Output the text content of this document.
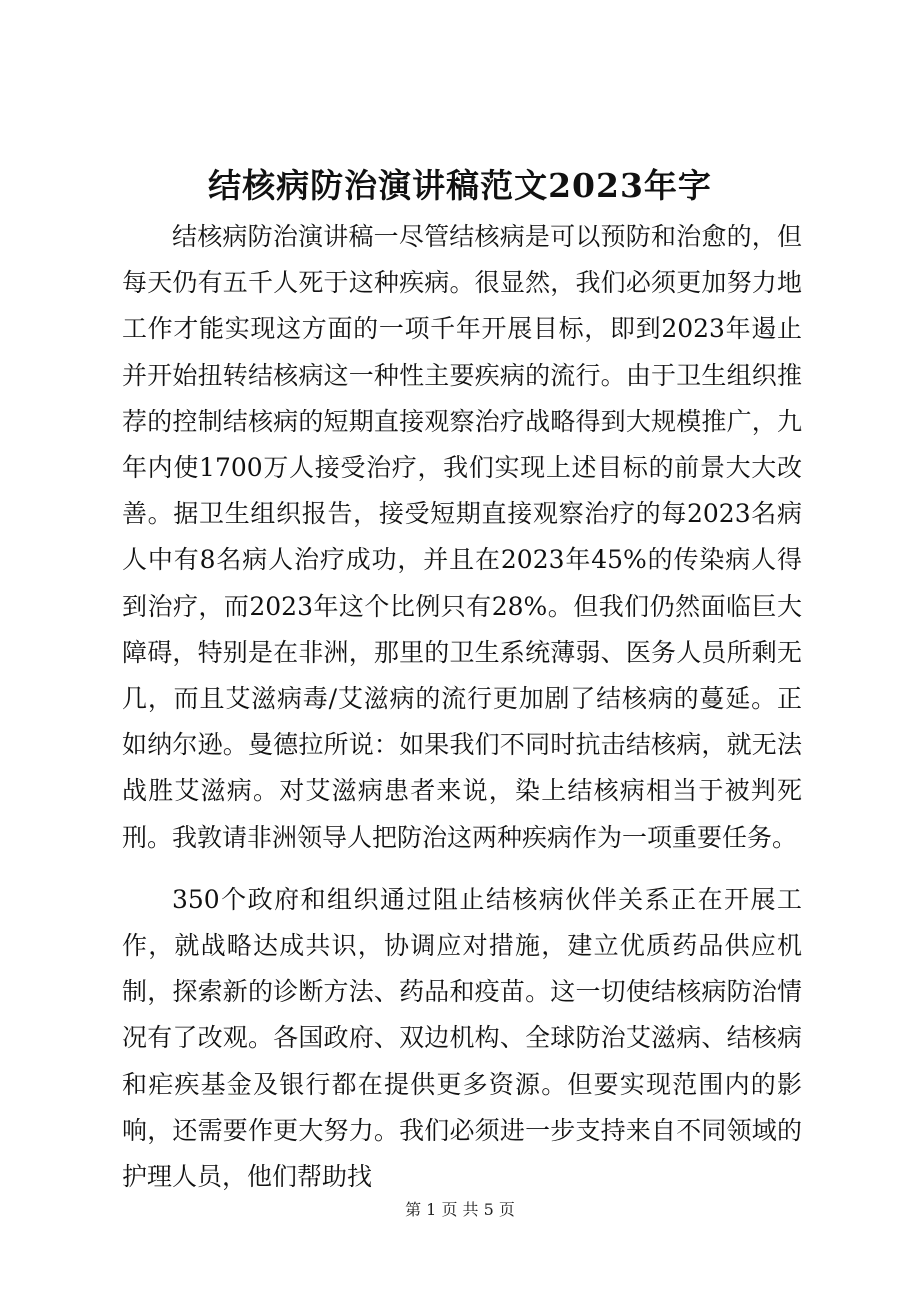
结核病防治演讲稿范文2023年字

结核病防治演讲稿一尽管结核病是可以预防和治愈的，但每天仍有五千人死于这种疾病。很显然，我们必须更加努力地工作才能实现这方面的一项千年开展目标，即到2023年遏止并开始扭转结核病这一种性主要疾病的流行。由于卫生组织推荐的控制结核病的短期直接观察治疗战略得到大规模推广，九年内使1700万人接受治疗，我们实现上述目标的前景大大改善。据卫生组织报告，接受短期直接观察治疗的每2023名病人中有8名病人治疗成功，并且在2023年45%的传染病人得到治疗，而2023年这个比例只有28%。但我们仍然面临巨大障碍，特别是在非洲，那里的卫生系统薄弱、医务人员所剩无几，而且艾滋病毒/艾滋病的流行更加剧了结核病的蔓延。正如纳尔逊。曼德拉所说：如果我们不同时抗击结核病，就无法战胜艾滋病。对艾滋病患者来说，染上结核病相当于被判死刑。我敦请非洲领导人把防治这两种疾病作为一项重要任务。

350个政府和组织通过阻止结核病伙伴关系正在开展工作，就战略达成共识，协调应对措施，建立优质药品供应机制，探索新的诊断方法、药品和疫苗。这一切使结核病防治情况有了改观。各国政府、双边机构、全球防治艾滋病、结核病和疟疾基金及银行都在提供更多资源。但要实现范围内的影响，还需要作更大努力。我们必须进一步支持来自不同领域的护理人员，他们帮助找

第 1 页 共 5 页
